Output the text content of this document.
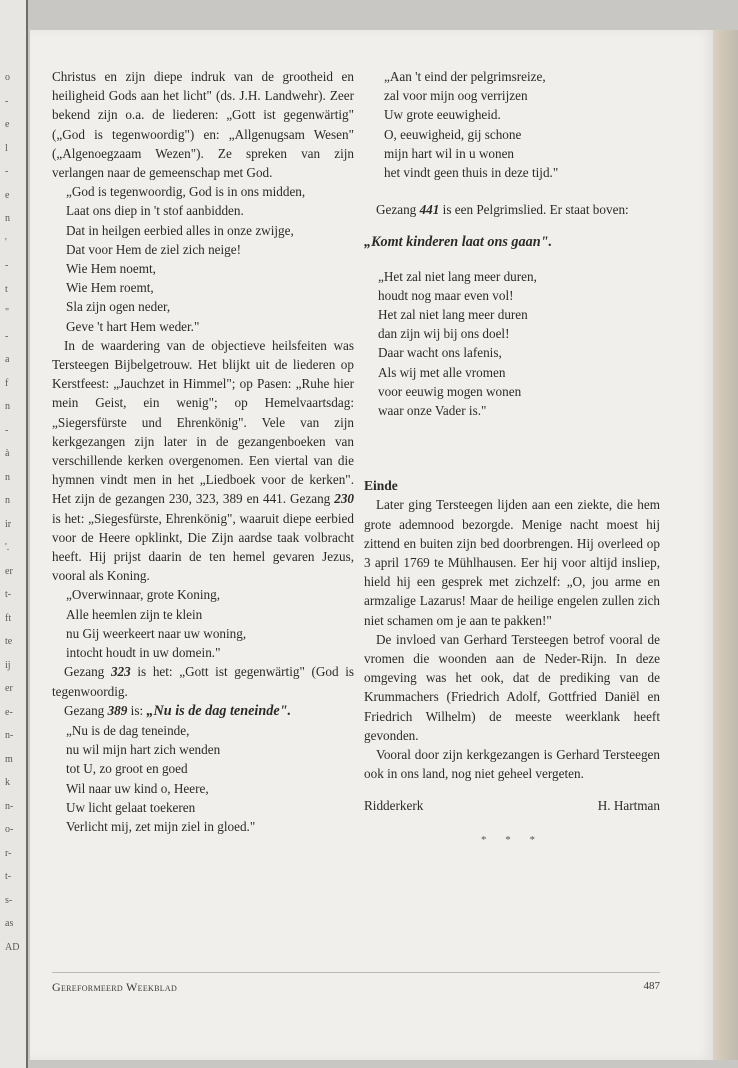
o
-
e
l
-
e
n
'
-
t
"
-
a
f
n
-
à
n
n
ir
'.
er
t-
ft
te
ij
er
e-
n-
m
k
n-
o-
r-
t-
s-
as
AD

Christus en zijn diepe indruk van de grootheid en heiligheid Gods aan het licht" (ds. J.H. Landwehr). Zeer bekend zijn o.a. de liederen: „Gott ist gegenwärtig" („God is tegenwoordig") en: „Allgenugsam Wesen" („Algenoegzaam Wezen"). Ze spreken van zijn verlangen naar de gemeenschap met God.

„God is tegenwoordig, God is in ons midden,
Laat ons diep in 't stof aanbidden.
Dat in heilgen eerbied alles in onze zwijge,
Dat voor Hem de ziel zich neige!
Wie Hem noemt,
Wie Hem roemt,
Sla zijn ogen neder,
Geve 't hart Hem weder."

In de waardering van de objectieve heilsfeiten was Tersteegen Bijbelgetrouw. Het blijkt uit de liederen op Kerstfeest: „Jauchzet in Himmel"; op Pasen: „Ruhe hier mein Geist, ein wenig"; op Hemelvaartsdag: „Siegersfürste und Ehrenkönig". Vele van zijn kerkgezangen zijn later in de gezangenboeken van verschillende kerken overgenomen. Een viertal van die hymnen vindt men in het „Liedboek voor de kerken". Het zijn de gezangen 230, 323, 389 en 441. Gezang 230 is het: „Siegesfürste, Ehrenkönig", waaruit diepe eerbied voor de Heere opklinkt, Die Zijn aardse taak volbracht heeft. Hij prijst daarin de ten hemel gevaren Jezus, vooral als Koning.

„Overwinnaar, grote Koning,
Alle heemlen zijn te klein
nu Gij weerkeert naar uw woning,
intocht houdt in uw domein."

Gezang 323 is het: „Gott ist gegenwärtig" (God is tegenwoordig.

Gezang 389 is: „Nu is de dag teneinde".

„Nu is de dag teneinde,
nu wil mijn hart zich wenden
tot U, zo groot en goed
Wil naar uw kind o, Heere,
Uw licht gelaat toekeren
Verlicht mij, zet mijn ziel in gloed."
„Aan 't eind der pelgrimsreize,
zal voor mijn oog verrijzen
Uw grote eeuwigheid.
O, eeuwigheid, gij schone
mijn hart wil in u wonen
het vindt geen thuis in deze tijd."

Gezang 441 is een Pelgrimslied. Er staat boven:

„Komt kinderen laat ons gaan".

„Het zal niet lang meer duren,
houdt nog maar even vol!
Het zal niet lang meer duren
dan zijn wij bij ons doel!
Daar wacht ons lafenis,
Als wij met alle vromen
voor eeuwig mogen wonen
waar onze Vader is."
Einde

Later ging Tersteegen lijden aan een ziekte, die hem grote ademnood bezorgde. Menige nacht moest hij zittend en buiten zijn bed doorbrengen. Hij overleed op 3 april 1769 te Mühlhausen. Eer hij voor altijd insliep, hield hij een gesprek met zichzelf: „O, jou arme en armzalige Lazarus! Maar de heilige engelen zullen zich niet schamen om je aan te pakken!"

De invloed van Gerhard Tersteegen betrof vooral de vromen die woonden aan de Neder-Rijn. In deze omgeving was het ook, dat de prediking van de Krummachers (Friedrich Adolf, Gottfried Daniël en Friedrich Wilhelm) de meeste weerklank heeft gevonden.

Vooral door zijn kerkgezangen is Gerhard Tersteegen ook in ons land, nog niet geheel vergeten.

Ridderkerk	H. Hartman
* * *
Gereformeerd Weekblad	487
